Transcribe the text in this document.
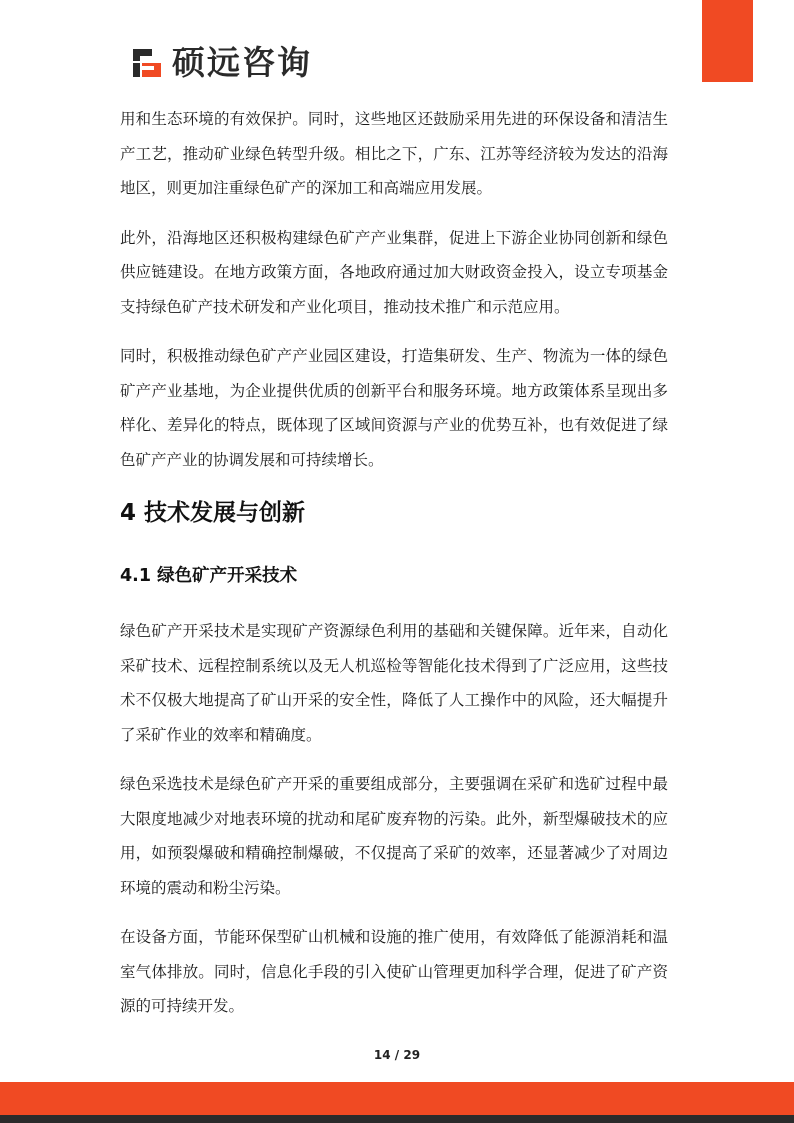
硕远咨询

用和生态环境的有效保护。同时，这些地区还鼓励采用先进的环保设备和清洁生产工艺，推动矿业绿色转型升级。相比之下，广东、江苏等经济较为发达的沿海地区，则更加注重绿色矿产的深加工和高端应用发展。

此外，沿海地区还积极构建绿色矿产产业集群，促进上下游企业协同创新和绿色供应链建设。在地方政策方面，各地政府通过加大财政资金投入，设立专项基金支持绿色矿产技术研发和产业化项目，推动技术推广和示范应用。

同时，积极推动绿色矿产产业园区建设，打造集研发、生产、物流为一体的绿色矿产产业基地，为企业提供优质的创新平台和服务环境。地方政策体系呈现出多样化、差异化的特点，既体现了区域间资源与产业的优势互补，也有效促进了绿色矿产产业的协调发展和可持续增长。

4 技术发展与创新
4.1 绿色矿产开采技术

绿色矿产开采技术是实现矿产资源绿色利用的基础和关键保障。近年来，自动化采矿技术、远程控制系统以及无人机巡检等智能化技术得到了广泛应用，这些技术不仅极大地提高了矿山开采的安全性，降低了人工操作中的风险，还大幅提升了采矿作业的效率和精确度。

绿色采选技术是绿色矿产开采的重要组成部分，主要强调在采矿和选矿过程中最大限度地减少对地表环境的扰动和尾矿废弃物的污染。此外，新型爆破技术的应用，如预裂爆破和精确控制爆破，不仅提高了采矿的效率，还显著减少了对周边环境的震动和粉尘污染。

在设备方面，节能环保型矿山机械和设施的推广使用，有效降低了能源消耗和温室气体排放。同时，信息化手段的引入使矿山管理更加科学合理，促进了矿产资源的可持续开发。

14 / 29
